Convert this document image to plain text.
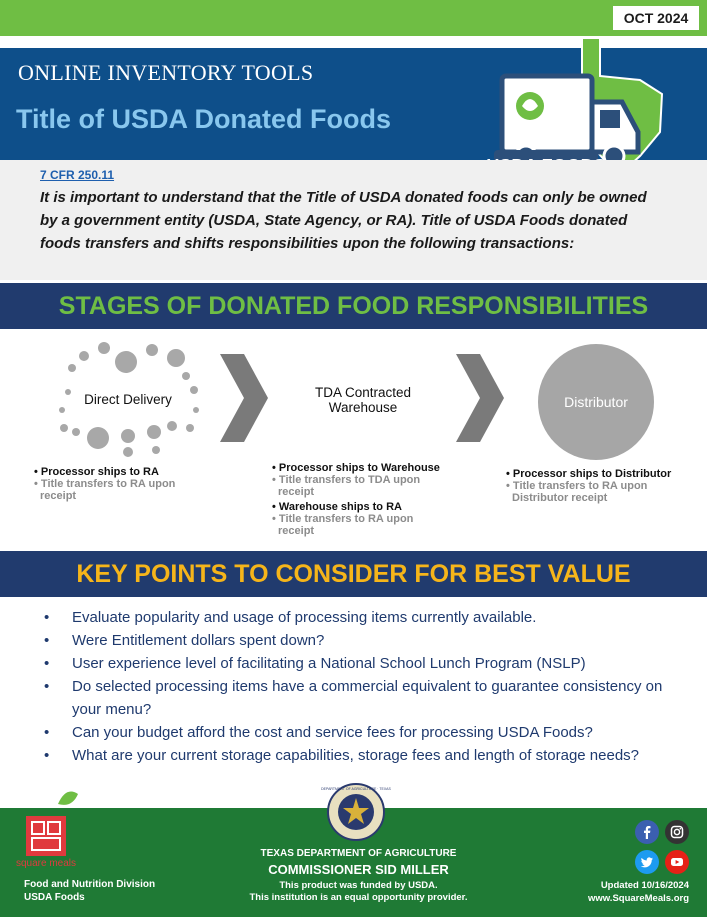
OCT 2024
ONLINE INVENTORY TOOLS
Title of USDA Donated Foods
7 CFR 250.11
It is important to understand that the Title of USDA donated foods can only be owned by a government entity (USDA, State Agency, or RA). Title of USDA Foods donated foods transfers and shifts responsibilities upon the following transactions:
STAGES OF DONATED FOOD RESPONSIBILITIES
Direct Delivery	TDA Contracted Warehouse	Distributor
• Processor ships to RA
• Title transfers to RA upon receipt
• Processor ships to Warehouse
• Title transfers to TDA upon receipt
• Warehouse ships to RA
• Title transfers to RA upon receipt
• Processor ships to Distributor
• Title transfers to RA upon Distributor receipt
KEY POINTS TO CONSIDER FOR BEST VALUE
• Evaluate popularity and usage of processing items currently available.
• Were Entitlement dollars spent down?
• User experience level of facilitating a National School Lunch Program (NSLP)
• Do selected processing items have a commercial equivalent to guarantee consistency on your menu?
• Can your budget afford the cost and service fees for processing USDA Foods?
• What are your current storage capabilities, storage fees and length of storage needs?
square meals
Food and Nutrition Division
USDA Foods
DEPARTMENT OF AGRICULTURE · TEXAS
TEXAS DEPARTMENT OF AGRICULTURE
COMMISSIONER SID MILLER
This product was funded by USDA.
This institution is an equal opportunity provider.
Updated 10/16/2024
www.SquareMeals.org
